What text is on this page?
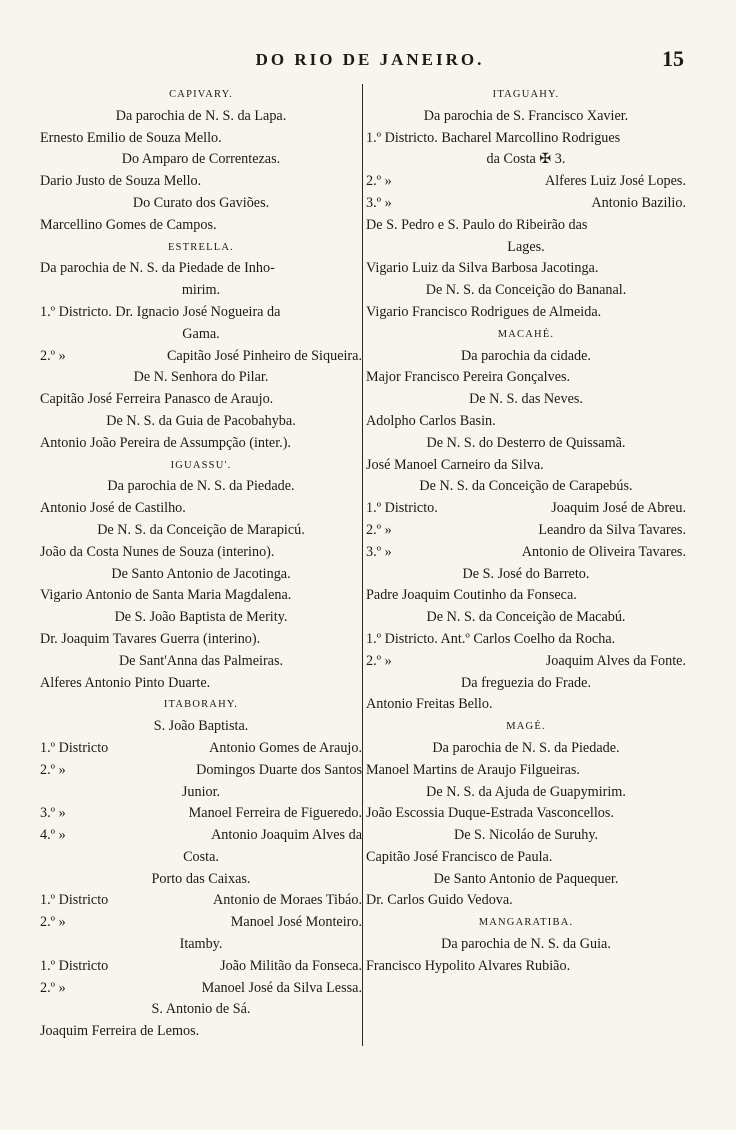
DO RIO DE JANEIRO.	15
CAPIVARY.
Da parochia de N. S. da Lapa.
Ernesto Emilio de Souza Mello.
Do Amparo de Correntezas.
Dario Justo de Souza Mello.
Do Curato dos Gaviões.
Marcellino Gomes de Campos.
ESTRELLA.
Da parochia de N. S. da Piedade de Inho-
mirim.
1.º Districto. Dr. Ignacio José Nogueira da
Gama.
2.º »	Capitão José Pinheiro de Siqueira.
De N. Senhora do Pilar.
Capitão José Ferreira Panasco de Araujo.
De N. S. da Guia de Pacobahyba.
Antonio João Pereira de Assumpção (inter.).
IGUASSU'.
Da parochia de N. S. da Piedade.
Antonio José de Castilho.
De N. S. da Conceição de Marapicú.
João da Costa Nunes de Souza (interino).
De Santo Antonio de Jacotinga.
Vigario Antonio de Santa Maria Magdalena.
De S. João Baptista de Merity.
Dr. Joaquim Tavares Guerra (interino).
De Sant'Anna das Palmeiras.
Alferes Antonio Pinto Duarte.
ITABORAHY.
S. João Baptista.
1.º Districto	Antonio Gomes de Araujo.
2.º »	Domingos Duarte dos Santos
Junior.
3.º »	Manoel Ferreira de Figueredo.
4.º »	Antonio Joaquim Alves da
Costa.
Porto das Caixas.
1.º Districto	Antonio de Moraes Tibáo.
2.º »	Manoel José Monteiro.
Itamby.
1.º Districto	João Militão da Fonseca.
2.º »	Manoel José da Silva Lessa.
S. Antonio de Sá.
Joaquim Ferreira de Lemos.
ITAGUAHY.
Da parochia de S. Francisco Xavier.
1.º Districto. Bacharel Marcollino Rodrigues
da Costa ✠ 3.
2.º »	Alferes Luiz José Lopes.
3.º »	Antonio Bazilio.
De S. Pedro e S. Paulo do Ribeirão das
Lages.
Vigario Luiz da Silva Barbosa Jacotinga.
De N. S. da Conceição do Bananal.
Vigario Francisco Rodrigues de Almeida.
MACAHÉ.
Da parochia da cidade.
Major Francisco Pereira Gonçalves.
De N. S. das Neves.
Adolpho Carlos Basin.
De N. S. do Desterro de Quissamã.
José Manoel Carneiro da Silva.
De N. S. da Conceição de Carapebús.
1.º Districto.	Joaquim José de Abreu.
2.º »	Leandro da Silva Tavares.
3.º »	Antonio de Oliveira Tavares.
De S. José do Barreto.
Padre Joaquim Coutinho da Fonseca.
De N. S. da Conceição de Macabú.
1.º Districto. Ant.º Carlos Coelho da Rocha.
2.º »	Joaquim Alves da Fonte.
Da freguezia do Frade.
Antonio Freitas Bello.
MAGÉ.
Da parochia de N. S. da Piedade.
Manoel Martins de Araujo Filgueiras.
De N. S. da Ajuda de Guapymirim.
João Escossia Duque-Estrada Vasconcellos.
De S. Nicoláo de Suruhy.
Capitão José Francisco de Paula.
De Santo Antonio de Paquequer.
Dr. Carlos Guido Vedova.
MANGARATIBA.
Da parochia de N. S. da Guia.
Francisco Hypolito Alvares Rubião.
